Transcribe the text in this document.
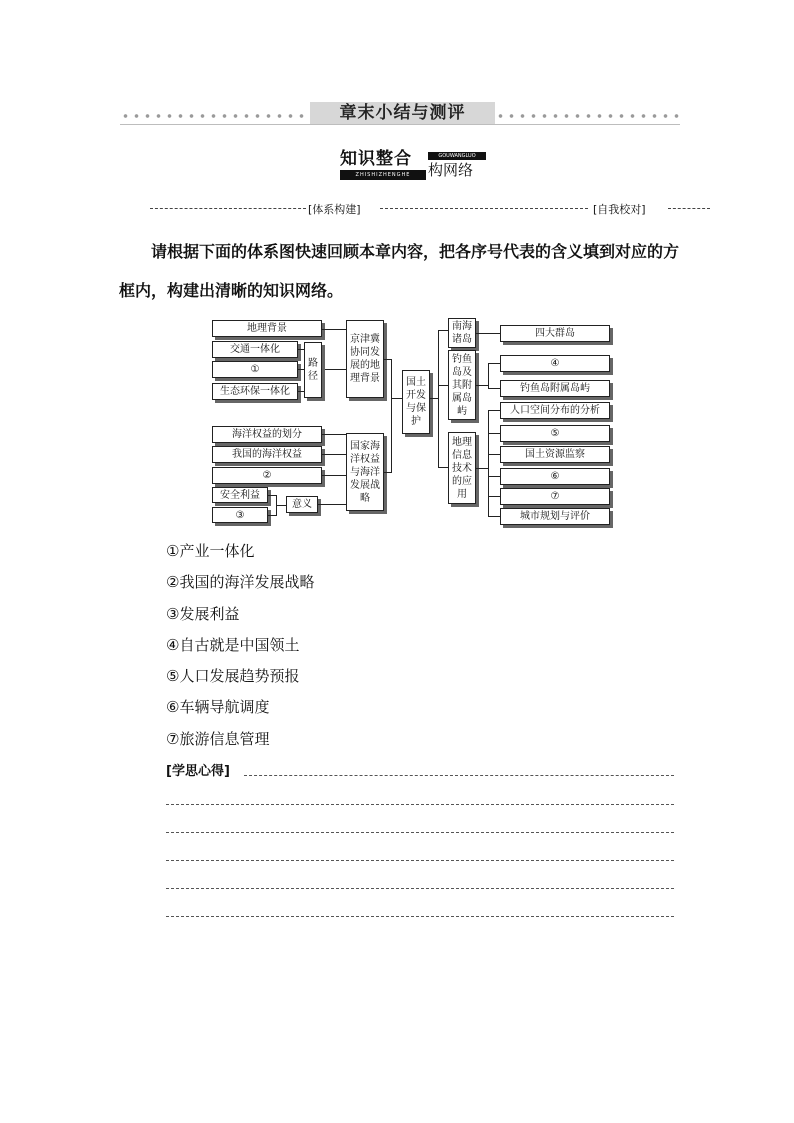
章末小结与测评
知识整合
ZHISHIZHENGHE
GOUWANGLUO
构网络
[体系构建]	[自我校对]
请根据下面的体系图快速回顾本章内容，把各序号代表的含义填到对应的方框内，构建出清晰的知识网络。
地理背景
交通一体化
①
生态环保一体化
路径
京津冀协同发展的地理背景
海洋权益的划分
我国的海洋权益
②
安全利益
③
意义
国家海洋权益与海洋发展战略
国土开发与保护
南海诸岛
钓鱼岛及其附属岛屿
地理信息技术的应用
四大群岛
④
钓鱼岛附属岛屿
人口空间分布的分析
⑤
国土资源监察
⑥
⑦
城市规划与评价
①产业一体化
②我国的海洋发展战略
③发展利益
④自古就是中国领土
⑤人口发展趋势预报
⑥车辆导航调度
⑦旅游信息管理
[学思心得]
